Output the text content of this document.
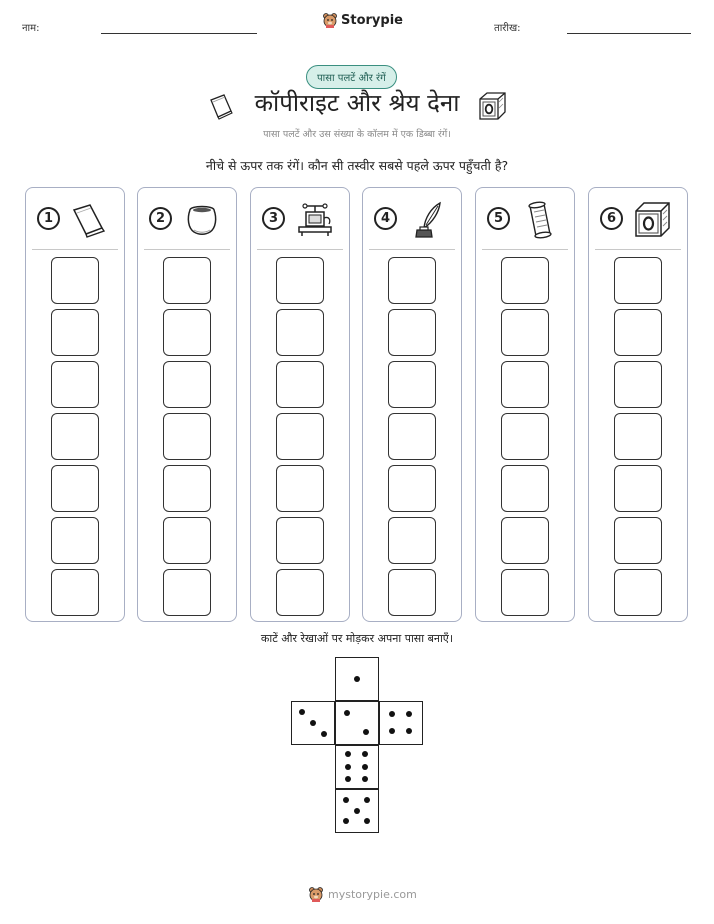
नाम:
Storypie
तारीख:
पासा पलटें और रंगें
कॉपीराइट और श्रेय देना
पासा पलटें और उस संख्या के कॉलम में एक डिब्बा रंगें।
नीचे से ऊपर तक रंगें। कौन सी तस्वीर सबसे पहले ऊपर पहुँचती है?
1	2	3	4	5	6
काटें और रेखाओं पर मोड़कर अपना पासा बनाएँ।
mystorypie.com
